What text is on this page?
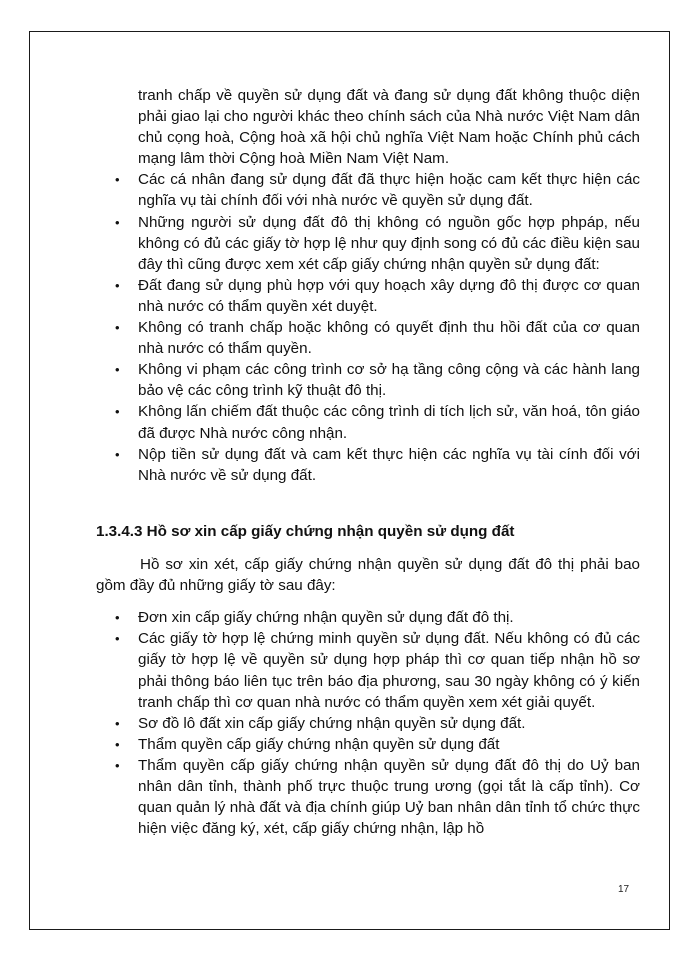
tranh chấp về quyền sử dụng đất và đang sử dụng đất không thuộc diện phải giao lại cho người khác theo chính sách của Nhà nước Việt Nam dân chủ cọng hoà, Cộng hoà xã hội chủ nghĩa Việt Nam hoặc Chính phủ cách mạng lâm thời Cộng hoà Miền Nam Việt Nam.

• Các cá nhân đang sử dụng đất đã thực hiện hoặc cam kết thực hiện các nghĩa vụ tài chính đối với nhà nước về quyền sử dụng đất.
• Những người sử dụng đất đô thị không có nguồn gốc hợp phpáp, nếu không có đủ các giấy tờ hợp lệ như quy định song có đủ các điều kiện sau đây thì cũng được xem xét cấp giấy chứng nhận quyền sử dụng đất:
• Đất đang sử dụng phù hợp với quy hoạch xây dựng đô thị được cơ quan nhà nước có thẩm quyền xét duyệt.
• Không có tranh chấp hoặc không có quyết định thu hồi đất của cơ quan nhà nước có thẩm quyền.
• Không vi phạm các công trình cơ sở hạ tầng công cộng và các hành lang bảo vệ các công trình kỹ thuật đô thị.
• Không lấn chiếm đất thuộc các công trình di tích lịch sử, văn hoá, tôn giáo đã được Nhà nước công nhận.
• Nộp tiền sử dụng đất và cam kết thực hiện các nghĩa vụ tài cính đối với Nhà nước về sử dụng đất.
1.3.4.3 Hồ sơ xin cấp giấy chứng nhận quyền sử dụng đất

Hồ sơ xin xét, cấp giấy chứng nhận quyền sử dụng đất đô thị phải bao gồm đầy đủ những giấy tờ sau đây:

• Đơn xin cấp giấy chứng nhận quyền sử dụng đất đô thị.
• Các giấy tờ hợp lệ chứng minh quyền sử dụng đất. Nếu không có đủ các giấy tờ hợp lệ về quyền sử dụng hợp pháp thì cơ quan tiếp nhận hồ sơ phải thông báo liên tục trên báo địa phương, sau 30 ngày không có ý kiến tranh chấp thì cơ quan nhà nước có thẩm quyền xem xét giải quyết.
• Sơ đồ lô đất xin cấp giấy chứng nhận quyền sử dụng đất.
• Thẩm quyền cấp giấy chứng nhận quyền sử dụng đất
• Thẩm quyền cấp giấy chứng nhận quyền sử dụng đất đô thị do Uỷ ban nhân dân tỉnh, thành phố trực thuộc trung ương (gọi tắt là cấp tỉnh). Cơ quan quản lý nhà đất và địa chính giúp Uỷ ban nhân dân tỉnh tổ chức thực hiện việc đăng ký, xét, cấp giấy chứng nhận, lập hồ
17
